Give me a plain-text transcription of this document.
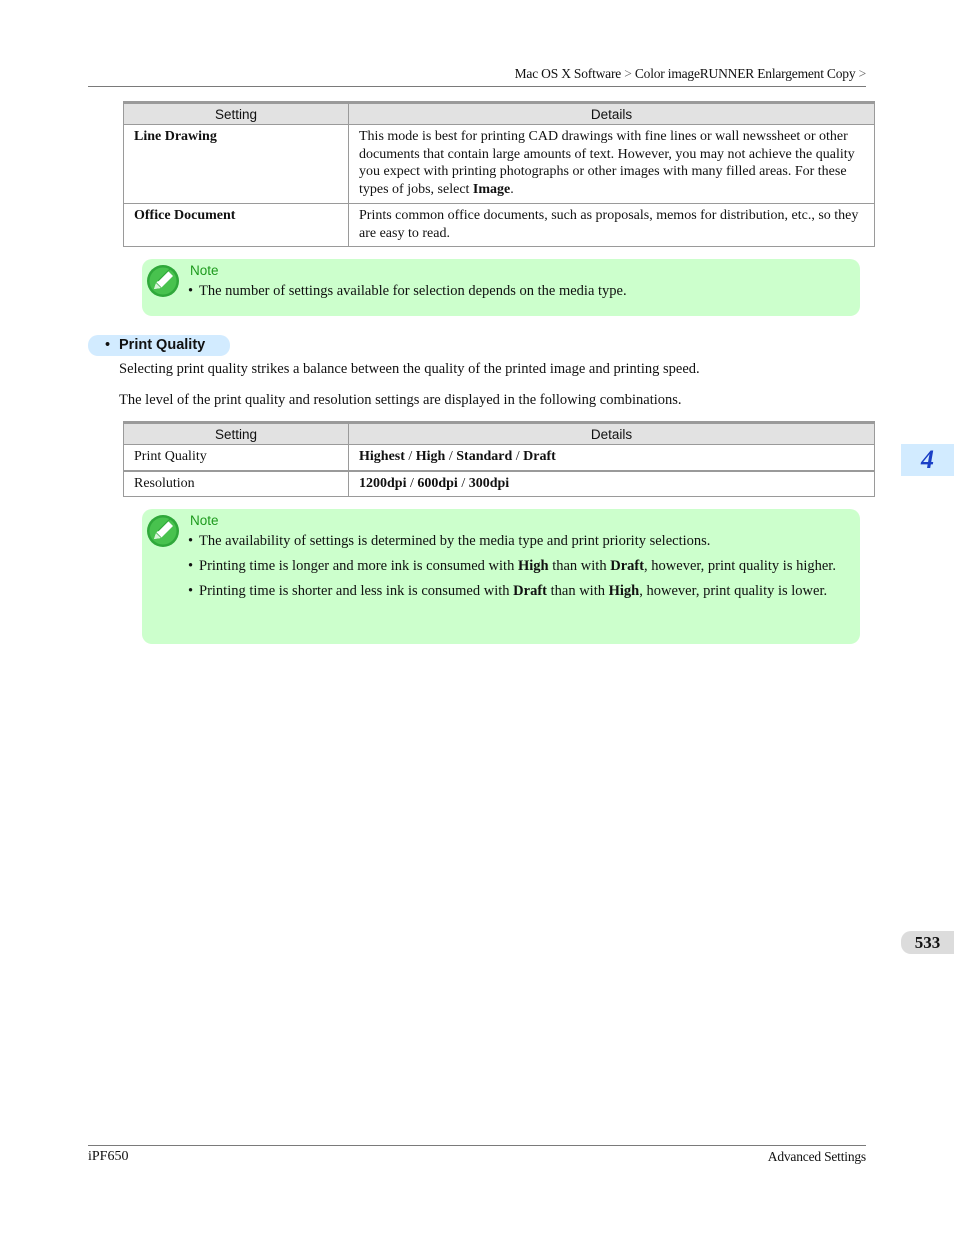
Mac OS X Software > Color imageRUNNER Enlargement Copy >
Setting	Details
Line Drawing	This mode is best for printing CAD drawings with fine lines or wall newssheet or other documents that contain large amounts of text. However, you may not achieve the quality you expect with printing photographs or other images with many filled areas. For these types of jobs, select Image.
Office Document	Prints common office documents, such as proposals, memos for distribution, etc., so they are easy to read.
Note
• The number of settings available for selection depends on the media type.
• Print Quality
Selecting print quality strikes a balance between the quality of the printed image and printing speed.
The level of the print quality and resolution settings are displayed in the following combinations.
Setting	Details
Print Quality	Highest / High / Standard / Draft
Resolution	1200dpi / 600dpi / 300dpi
Note
• The availability of settings is determined by the media type and print priority selections.
• Printing time is longer and more ink is consumed with High than with Draft, however, print quality is higher.
• Printing time is shorter and less ink is consumed with Draft than with High, however, print quality is lower.
4
533
iPF650	Advanced Settings
